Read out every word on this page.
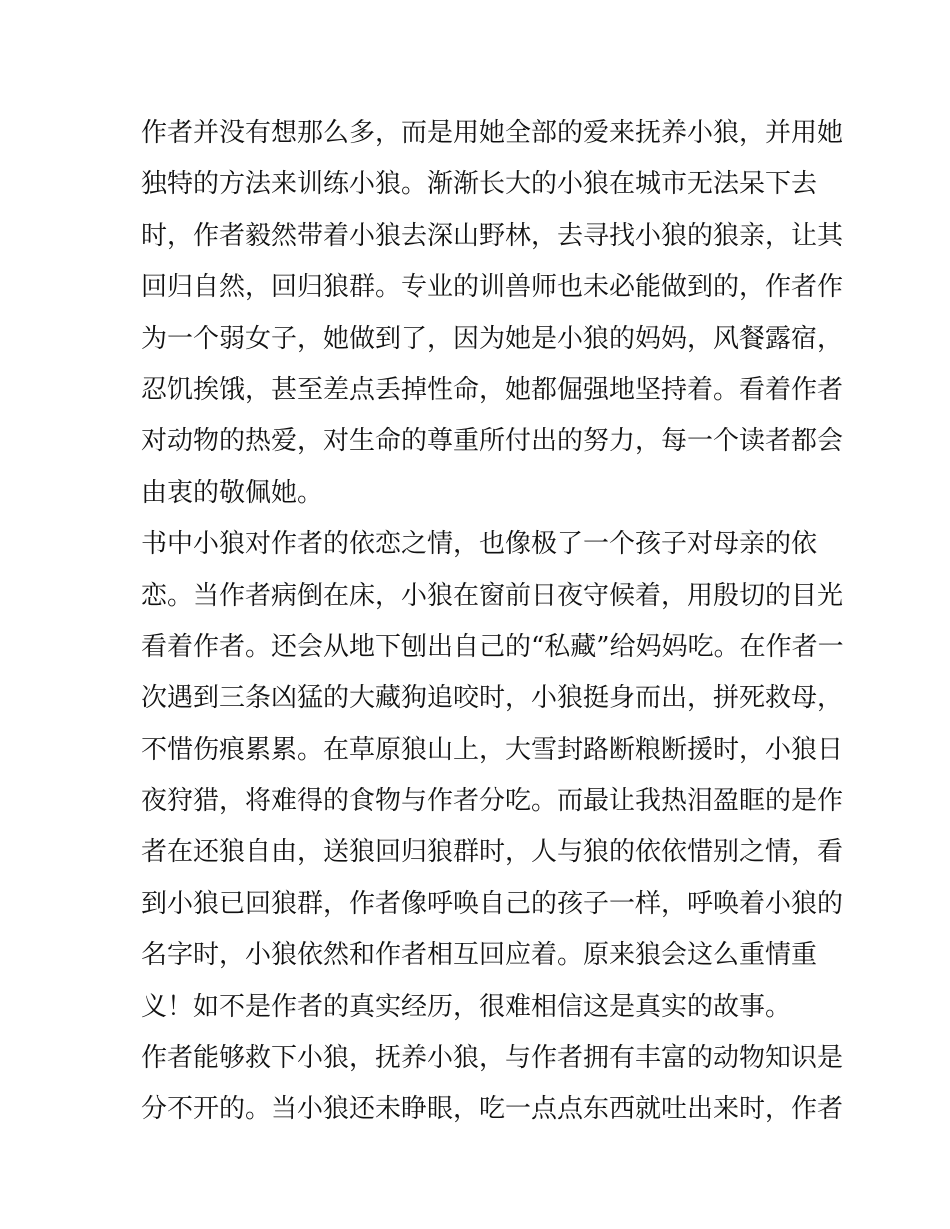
作者并没有想那么多，而是用她全部的爱来抚养小狼，并用她
独特的方法来训练小狼。渐渐长大的小狼在城市无法呆下去
时，作者毅然带着小狼去深山野林，去寻找小狼的狼亲，让其
回归自然，回归狼群。专业的训兽师也未必能做到的，作者作
为一个弱女子，她做到了，因为她是小狼的妈妈，风餐露宿，
忍饥挨饿，甚至差点丢掉性命，她都倔强地坚持着。看着作者
对动物的热爱，对生命的尊重所付出的努力，每一个读者都会
由衷的敬佩她。
书中小狼对作者的依恋之情，也像极了一个孩子对母亲的依
恋。当作者病倒在床，小狼在窗前日夜守候着，用殷切的目光
看着作者。还会从地下刨出自己的“私藏”给妈妈吃。在作者一
次遇到三条凶猛的大藏狗追咬时，小狼挺身而出，拼死救母，
不惜伤痕累累。在草原狼山上，大雪封路断粮断援时，小狼日
夜狩猎，将难得的食物与作者分吃。而最让我热泪盈眶的是作
者在还狼自由，送狼回归狼群时，人与狼的依依惜别之情，看
到小狼已回狼群，作者像呼唤自己的孩子一样，呼唤着小狼的
名字时，小狼依然和作者相互回应着。原来狼会这么重情重
义！如不是作者的真实经历，很难相信这是真实的故事。
作者能够救下小狼，抚养小狼，与作者拥有丰富的动物知识是
分不开的。当小狼还未睁眼，吃一点点东西就吐出来时，作者
